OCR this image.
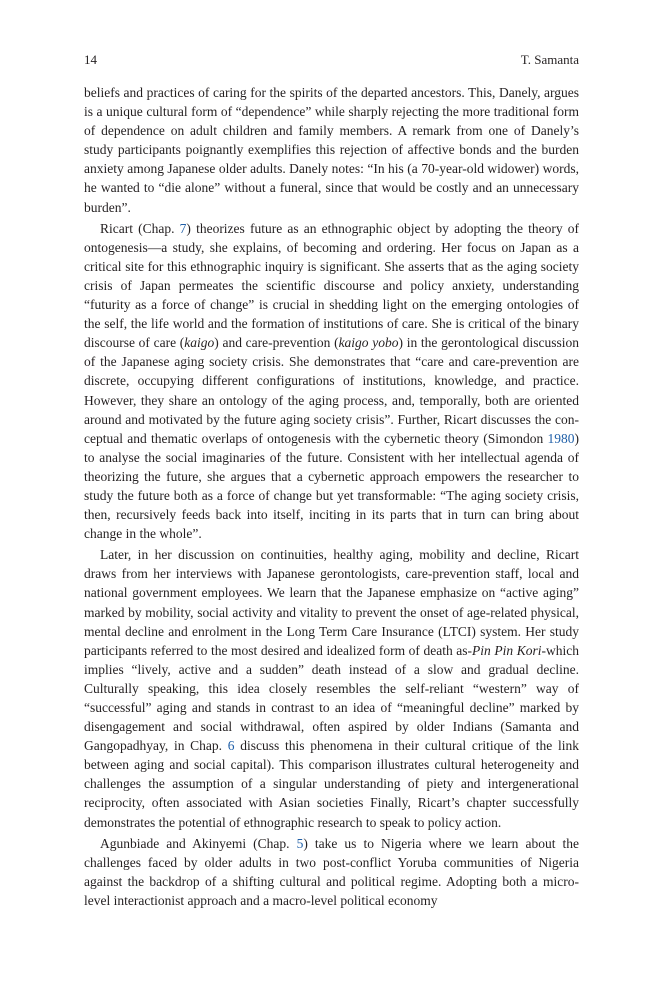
14	T. Samanta

beliefs and practices of caring for the spirits of the departed ancestors. This, Danely, argues is a unique cultural form of “dependence” while sharply rejecting the more traditional form of dependence on adult children and family members. A remark from one of Danely’s study participants poignantly exemplifies this rejection of affective bonds and the burden anxiety among Japanese older adults. Danely notes: “In his (a 70-year-old widower) words, he wanted to “die alone” without a funeral, since that would be costly and an unnecessary burden”.

Ricart (Chap. 7) theorizes future as an ethnographic object by adopting the theory of ontogenesis—a study, she explains, of becoming and ordering. Her focus on Japan as a critical site for this ethnographic inquiry is significant. She asserts that as the aging society crisis of Japan permeates the scientific discourse and policy anxiety, understanding “futurity as a force of change” is crucial in shedding light on the emerging ontologies of the self, the life world and the formation of institutions of care. She is critical of the binary discourse of care (kaigo) and care-prevention (kaigo yobo) in the gerontological discussion of the Japanese aging society crisis. She demonstrates that “care and care-prevention are discrete, occupying different configurations of institutions, knowledge, and practice. However, they share an ontology of the aging process, and, temporally, both are oriented around and motivated by the future aging society crisis”. Further, Ricart discusses the conceptual and thematic overlaps of ontogenesis with the cybernetic theory (Simondon 1980) to analyse the social imaginaries of the future. Consistent with her intellectual agenda of theorizing the future, she argues that a cybernetic approach empowers the researcher to study the future both as a force of change but yet transformable: “The aging society crisis, then, recursively feeds back into itself, inciting in its parts that in turn can bring about change in the whole”.

Later, in her discussion on continuities, healthy aging, mobility and decline, Ricart draws from her interviews with Japanese gerontologists, care-prevention staff, local and national government employees. We learn that the Japanese emphasize on “active aging” marked by mobility, social activity and vitality to prevent the onset of age-related physical, mental decline and enrolment in the Long Term Care Insurance (LTCI) system. Her study participants referred to the most desired and idealized form of death as-Pin Pin Kori-which implies “lively, active and a sudden” death instead of a slow and gradual decline. Culturally speaking, this idea closely resembles the self-reliant “western” way of “successful” aging and stands in contrast to an idea of “meaningful decline” marked by disengagement and social withdrawal, often aspired by older Indians (Samanta and Gangopadhyay, in Chap. 6 discuss this phenomena in their cultural critique of the link between aging and social capital). This comparison illustrates cultural heterogeneity and challenges the assumption of a singular understanding of piety and intergenerational reciprocity, often associated with Asian societies Finally, Ricart’s chapter successfully demonstrates the potential of ethnographic research to speak to policy action.

Agunbiade and Akinyemi (Chap. 5) take us to Nigeria where we learn about the challenges faced by older adults in two post-conflict Yoruba communities of Nigeria against the backdrop of a shifting cultural and political regime. Adopting both a micro-level interactionist approach and a macro-level political economy
